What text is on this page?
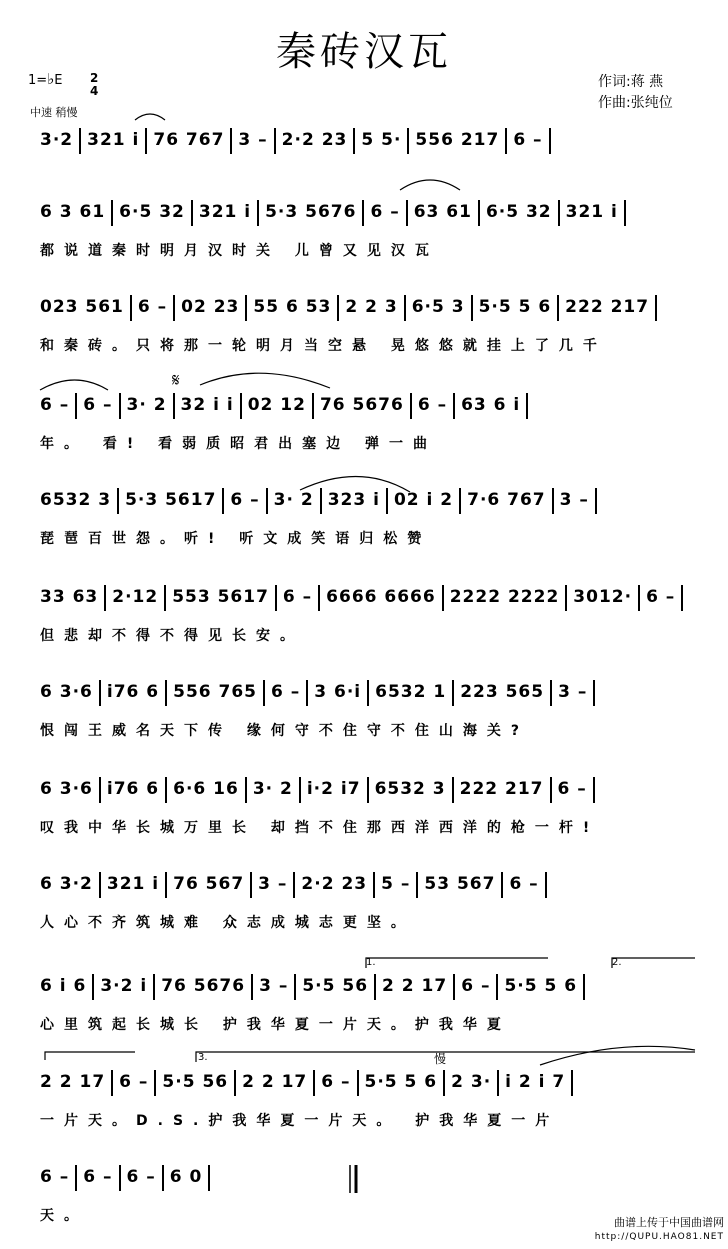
秦砖汉瓦
1=♭E 2
4
中速 稍慢
作词:蒋 燕
作曲:张纯位
3·2 321 i 76 767 3 – 2·2 23 5 5· 556 217 6 –
6 3 61 6·5 32 321 i 5·3 5676 6 – 63 61 6·5 32 321 i
都说道秦时明月汉时关 儿曾又见汉瓦
023 561 6 – 02 23 55 6 53 2 2 3 6·5 3 5·5 5 6 222 217
和秦砖。只将那一轮明月当空悬 晃悠悠就挂上了几千
6 – 6 – 3· 2 32 i i 02 12 76 5676 6 – 63 6 i
年。 看! 看弱质昭君出塞边 弹一曲
6532 3 5·3 5617 6 – 3· 2 323 i 02 i 2 7·6 767 3 –
琵琶百世怨。听! 听文成笑语归松赞
33 63 2·12 553 5617 6 – 6666 6666 2222 2222 3012· 6 –
但悲却不得不得见长安。
6 3·6 i76 6 556 765 6 – 3 6·i 6532 1 223 565 3 –
恨闯王威名天下传 缘何守不住守不住山海关?
6 3·6 i76 6 6·6 16 3· 2 i·2 i7 6532 3 222 217 6 –
叹我中华长城万里长 却挡不住那西洋西洋的枪一杆!
6 3·2 321 i 76 567 3 – 2·2 23 5 – 53 567 6 –
人心不齐筑城难 众志成城志更坚。
6 i 6 3·2 i 76 5676 3 – 5·5 56 2 2 17 6 – 5·5 5 6
心里筑起长城长 护我华夏一片天。护我华夏
2 2 17 6 – 5·5 56 2 2 17 6 – 5·5 5 6 2 3· i 2 i 7
一片天。D.S.护我华夏一片天。 护我华夏一片
6 – 6 – 6 – 6 0
天。
𝄋
慢
1.	2.
3.
曲谱上传于中国曲谱网
http://QUPU.HAO81.NET
